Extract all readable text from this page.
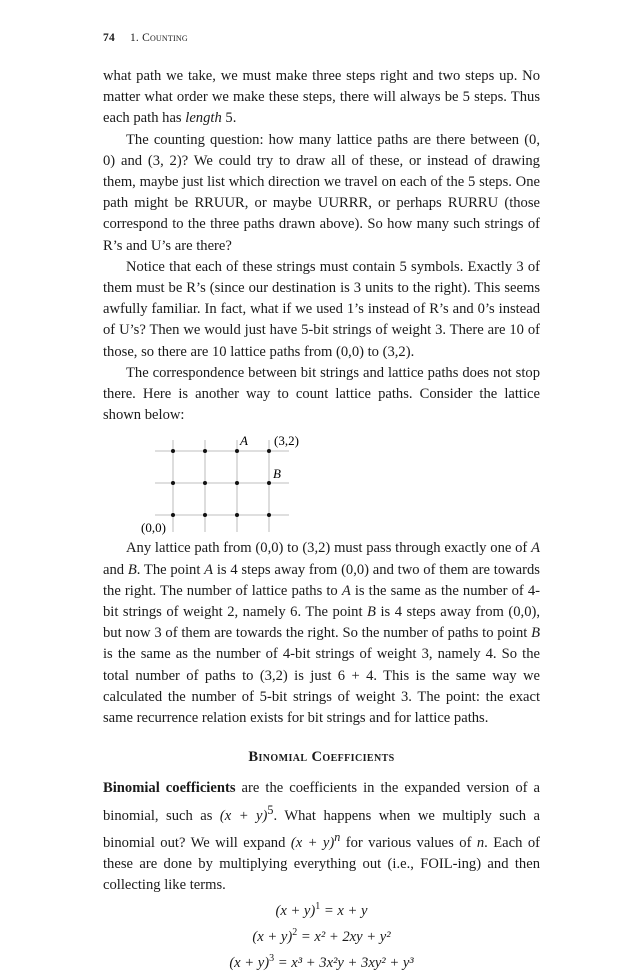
74 1. Counting

what path we take, we must make three steps right and two steps up. No matter what order we make these steps, there will always be 5 steps. Thus each path has length 5.

The counting question: how many lattice paths are there between (0, 0) and (3, 2)? We could try to draw all of these, or instead of drawing them, maybe just list which direction we travel on each of the 5 steps. One path might be RRUUR, or maybe UURRR, or perhaps RURRU (those correspond to the three paths drawn above). So how many such strings of R’s and U’s are there?

Notice that each of these strings must contain 5 symbols. Exactly 3 of them must be R’s (since our destination is 3 units to the right). This seems awfully familiar. In fact, what if we used 1’s instead of R’s and 0’s instead of U’s? Then we would just have 5-bit strings of weight 3. There are 10 of those, so there are 10 lattice paths from (0,0) to (3,2).

The correspondence between bit strings and lattice paths does not stop there. Here is another way to count lattice paths. Consider the lattice shown below:

A (3,2)
B
(0,0)

Any lattice path from (0,0) to (3,2) must pass through exactly one of A and B. The point A is 4 steps away from (0,0) and two of them are towards the right. The number of lattice paths to A is the same as the number of 4-bit strings of weight 2, namely 6. The point B is 4 steps away from (0,0), but now 3 of them are towards the right. So the number of paths to point B is the same as the number of 4-bit strings of weight 3, namely 4. So the total number of paths to (3,2) is just 6 + 4. This is the same way we calculated the number of 5-bit strings of weight 3. The point: the exact same recurrence relation exists for bit strings and for lattice paths.

Binomial Coefficients

Binomial coefficients are the coefficients in the expanded version of a binomial, such as $(x + y)^5$. What happens when we multiply such a binomial out? We will expand $(x + y)^n$ for various values of n. Each of these are done by multiplying everything out (i.e., FOIL-ing) and then collecting like terms.

$(x + y)^1 = x + y$
$(x + y)^2 = x^2 + 2xy + y^2$
$(x + y)^3 = x^3 + 3x^2y + 3xy^2 + y^3$
